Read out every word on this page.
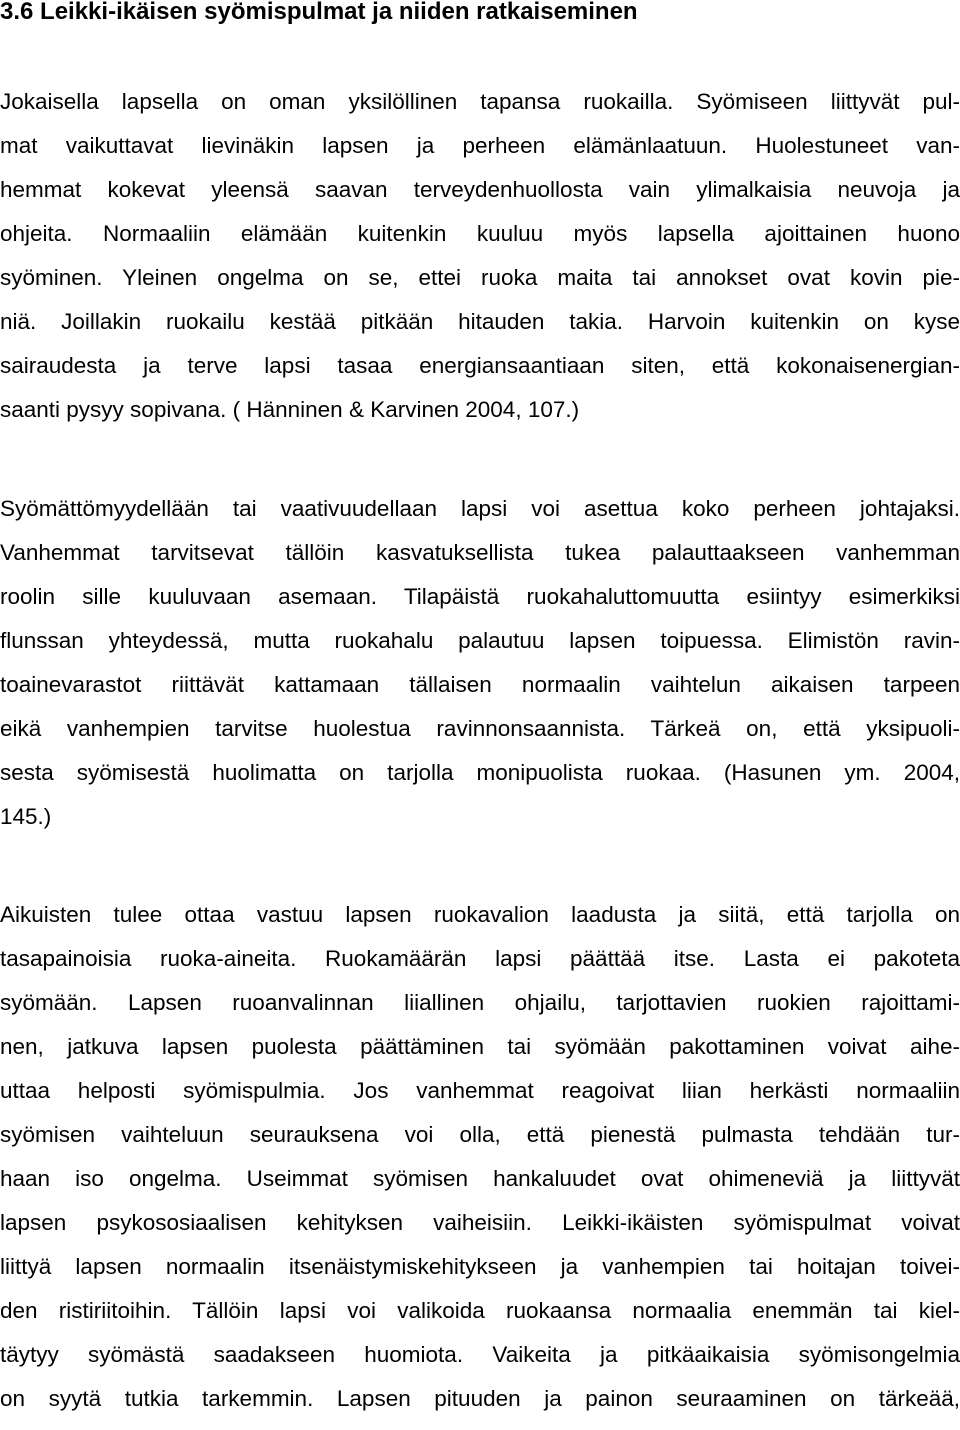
3.6 Leikki-ikäisen syömispulmat ja niiden ratkaiseminen
Jokaisella lapsella on oman yksilöllinen tapansa ruokailla. Syömiseen liittyvät pul-
mat vaikuttavat lievinäkin lapsen ja perheen elämänlaatuun. Huolestuneet van-
hemmat kokevat yleensä saavan terveydenhuollosta vain ylimalkaisia neuvoja ja
ohjeita. Normaaliin elämään kuitenkin kuuluu myös lapsella ajoittainen huono
syöminen. Yleinen ongelma on se, ettei ruoka maita tai annokset ovat kovin pie-
niä. Joillakin ruokailu kestää pitkään hitauden takia. Harvoin kuitenkin on kyse
sairaudesta ja terve lapsi tasaa energiansaantiaan siten, että kokonaisenergian-
saanti pysyy sopivana. ( Hänninen & Karvinen 2004, 107.)
Syömättömyydellään tai vaativuudellaan lapsi voi asettua koko perheen johtajaksi.
Vanhemmat tarvitsevat tällöin kasvatuksellista tukea palauttaakseen vanhemman
roolin sille kuuluvaan asemaan. Tilapäistä ruokahaluttomuutta esiintyy esimerkiksi
flunssan yhteydessä, mutta ruokahalu palautuu lapsen toipuessa. Elimistön ravin-
toainevarastot riittävät kattamaan tällaisen normaalin vaihtelun aikaisen tarpeen
eikä vanhempien tarvitse huolestua ravinnonsaannista. Tärkeä on, että yksipuoli-
sesta syömisestä huolimatta on tarjolla monipuolista ruokaa. (Hasunen ym. 2004,
145.)
Aikuisten tulee ottaa vastuu lapsen ruokavalion laadusta ja siitä, että tarjolla on
tasapainoisia ruoka-aineita. Ruokamäärän lapsi päättää itse. Lasta ei pakoteta
syömään. Lapsen ruoanvalinnan liiallinen ohjailu, tarjottavien ruokien rajoittami-
nen, jatkuva lapsen puolesta päättäminen tai syömään pakottaminen voivat aihe-
uttaa helposti syömispulmia. Jos vanhemmat reagoivat liian herkästi normaaliin
syömisen vaihteluun seurauksena voi olla, että pienestä pulmasta tehdään tur-
haan iso ongelma. Useimmat syömisen hankaluudet ovat ohimeneviä ja liittyvät
lapsen psykososiaalisen kehityksen vaiheisiin. Leikki-ikäisten syömispulmat voivat
liittyä lapsen normaalin itsenäistymiskehitykseen ja vanhempien tai hoitajan toivei-
den ristiriitoihin. Tällöin lapsi voi valikoida ruokaansa normaalia enemmän tai kiel-
täytyy syömästä saadakseen huomiota. Vaikeita ja pitkäaikaisia syömisongelmia
on syytä tutkia tarkemmin. Lapsen pituuden ja painon seuraaminen on tärkeää,
